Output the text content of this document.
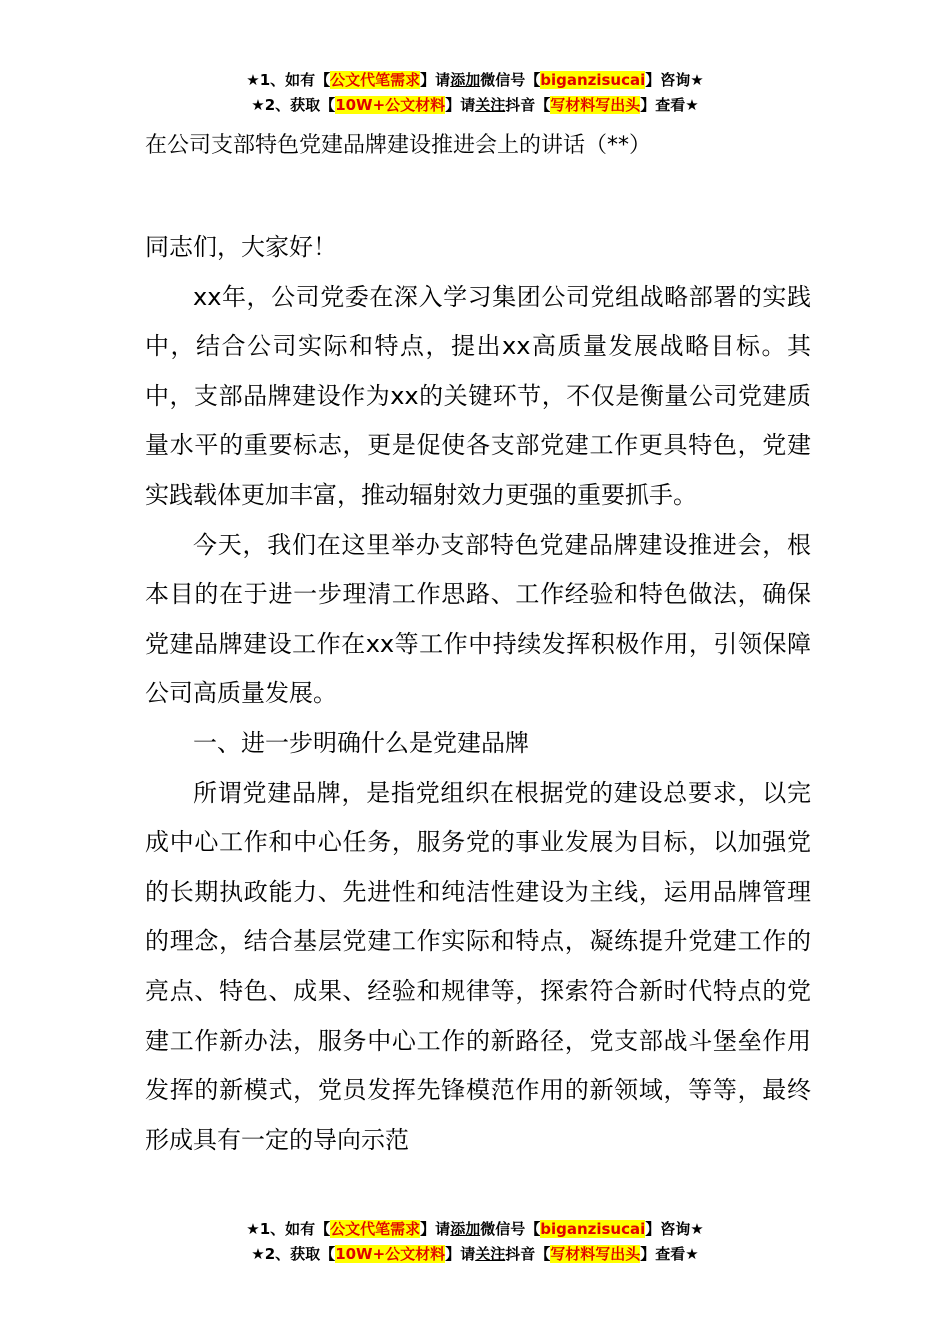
★1、如有【公文代笔需求】请添加微信号【biganzisucai】咨询★
★2、获取【10W+公文材料】请关注抖音【写材料写出头】查看★
在公司支部特色党建品牌建设推进会上的讲话（**）

同志们，大家好！

xx年，公司党委在深入学习集团公司党组战略部署的实践中，结合公司实际和特点，提出xx高质量发展战略目标。其中，支部品牌建设作为xx的关键环节，不仅是衡量公司党建质量水平的重要标志，更是促使各支部党建工作更具特色，党建实践载体更加丰富，推动辐射效力更强的重要抓手。

今天，我们在这里举办支部特色党建品牌建设推进会，根本目的在于进一步理清工作思路、工作经验和特色做法，确保党建品牌建设工作在xx等工作中持续发挥积极作用，引领保障公司高质量发展。

一、进一步明确什么是党建品牌

所谓党建品牌，是指党组织在根据党的建设总要求，以完成中心工作和中心任务，服务党的事业发展为目标，以加强党的长期执政能力、先进性和纯洁性建设为主线，运用品牌管理的理念，结合基层党建工作实际和特点，凝练提升党建工作的亮点、特色、成果、经验和规律等，探索符合新时代特点的党建工作新办法，服务中心工作的新路径，党支部战斗堡垒作用发挥的新模式，党员发挥先锋模范作用的新领域，等等，最终形成具有一定的导向示范

★1、如有【公文代笔需求】请添加微信号【biganzisucai】咨询★
★2、获取【10W+公文材料】请关注抖音【写材料写出头】查看★
